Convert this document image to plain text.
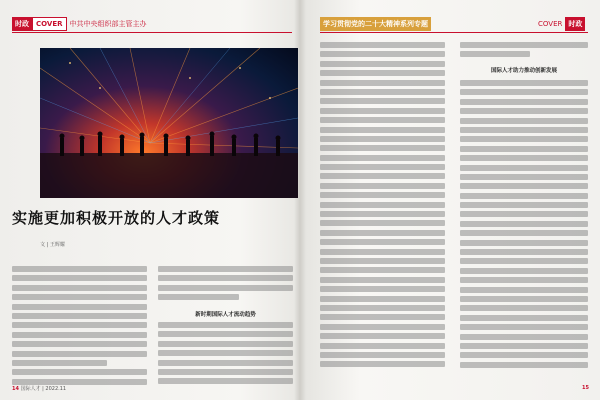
时政 COVER 中共中央组织部主管主办
实施更加积极开放的人才政策
文 | 王辉耀
新时期国际人才流动趋势
14 国际人才 | 2022.11
学习贯彻党的二十大精神系列专题	COVER 时政
国际人才助力推动创新发展
15
